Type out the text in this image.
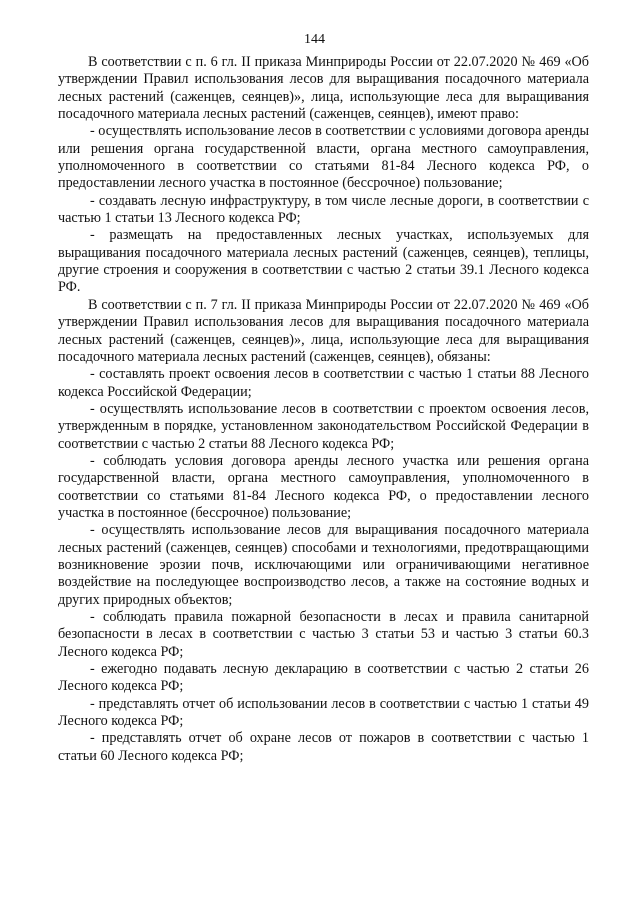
144

В соответствии с п. 6 гл. II приказа Минприроды России от 22.07.2020 № 469 «Об утверждении Правил использования лесов для выращивания посадочного материала лесных растений (саженцев, сеянцев)», лица, использующие леса для выращивания посадочного материала лесных растений (саженцев, сеянцев), имеют право:

- осуществлять использование лесов в соответствии с условиями договора аренды или решения органа государственной власти, органа местного самоуправления, уполномоченного в соответствии со статьями 81-84 Лесного кодекса РФ, о предоставлении лесного участка в постоянное (бессрочное) пользование;

- создавать лесную инфраструктуру, в том числе лесные дороги, в соответствии с частью 1 статьи 13 Лесного кодекса РФ;

- размещать на предоставленных лесных участках, используемых для выращивания посадочного материала лесных растений (саженцев, сеянцев), теплицы, другие строения и сооружения в соответствии с частью 2 статьи 39.1 Лесного кодекса РФ.

В соответствии с п. 7 гл. II приказа Минприроды России от 22.07.2020 № 469 «Об утверждении Правил использования лесов для выращивания посадочного материала лесных растений (саженцев, сеянцев)», лица, использующие леса для выращивания посадочного материала лесных растений (саженцев, сеянцев), обязаны:

- составлять проект освоения лесов в соответствии с частью 1 статьи 88 Лесного кодекса Российской Федерации;

- осуществлять использование лесов в соответствии с проектом освоения лесов, утвержденным в порядке, установленном законодательством Российской Федерации в соответствии с частью 2 статьи 88 Лесного кодекса РФ;

- соблюдать условия договора аренды лесного участка или решения органа государственной власти, органа местного самоуправления, уполномоченного в соответствии со статьями 81-84 Лесного кодекса РФ, о предоставлении лесного участка в постоянное (бессрочное) пользование;

- осуществлять использование лесов для выращивания посадочного материала лесных растений (саженцев, сеянцев) способами и технологиями, предотвращающими возникновение эрозии почв, исключающими или ограничивающими негативное воздействие на последующее воспроизводство лесов, а также на состояние водных и других природных объектов;

- соблюдать правила пожарной безопасности в лесах и правила санитарной безопасности в лесах в соответствии с частью 3 статьи 53 и частью 3 статьи 60.3 Лесного кодекса РФ;

- ежегодно подавать лесную декларацию в соответствии с частью 2 статьи 26 Лесного кодекса РФ;

- представлять отчет об использовании лесов в соответствии с частью 1 статьи 49 Лесного кодекса РФ;

- представлять отчет об охране лесов от пожаров в соответствии с частью 1 статьи 60 Лесного кодекса РФ;
